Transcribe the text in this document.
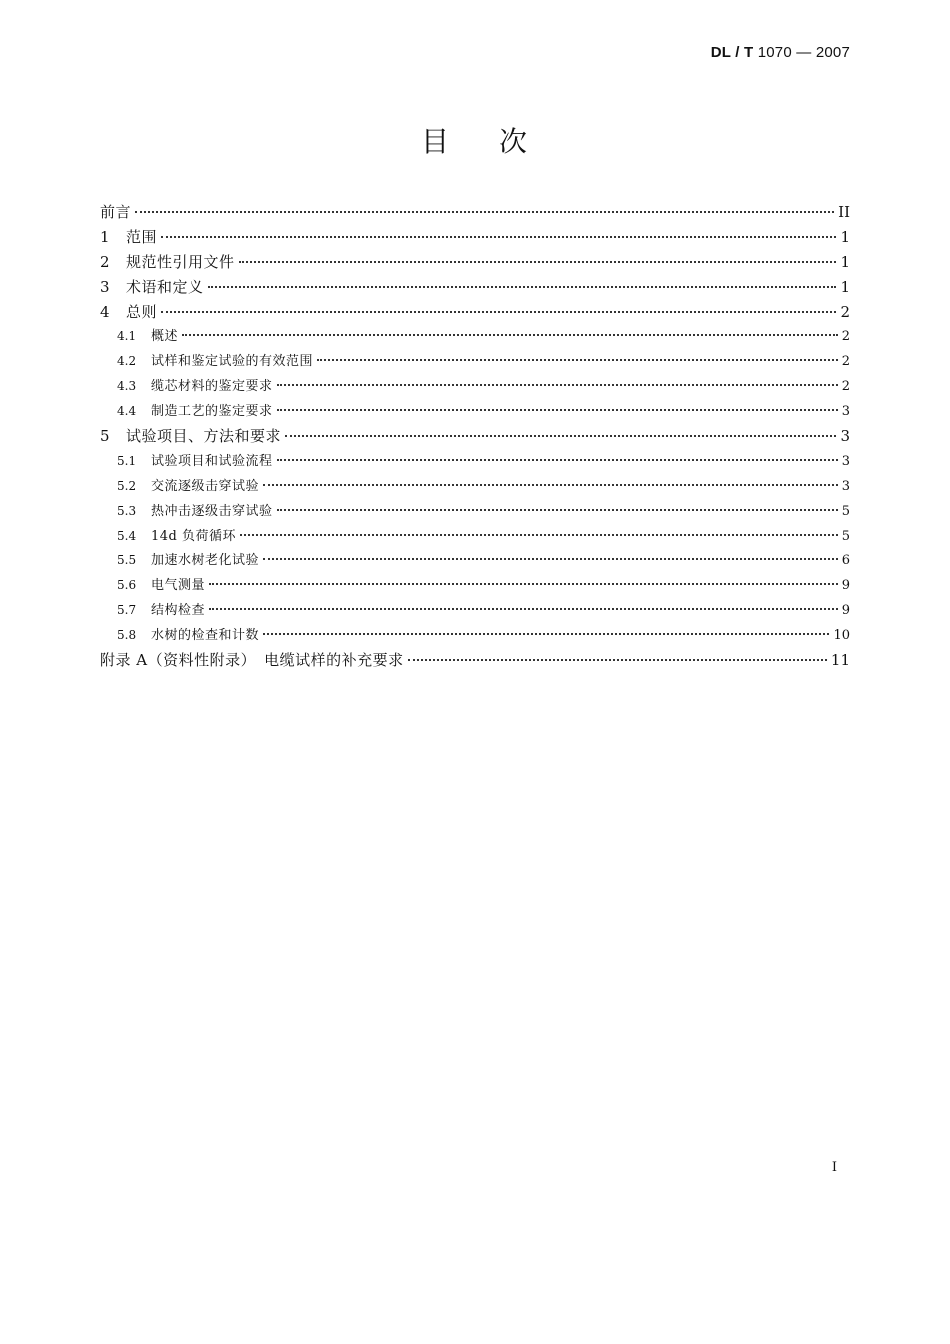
DL / T 1070 — 2007
目 次
前言	II
1	范围	1
2	规范性引用文件	1
3	术语和定义	1
4	总则	2
4.1	概述	2
4.2	试样和鉴定试验的有效范围	2
4.3	缆芯材料的鉴定要求	2
4.4	制造工艺的鉴定要求	3
5	试验项目、方法和要求	3
5.1	试验项目和试验流程	3
5.2	交流逐级击穿试验	3
5.3	热冲击逐级击穿试验	5
5.4	14d 负荷循环	5
5.5	加速水树老化试验	6
5.6	电气测量	9
5.7	结构检查	9
5.8	水树的检查和计数	10
附录 A（资料性附录）　电缆试样的补充要求	11
I
